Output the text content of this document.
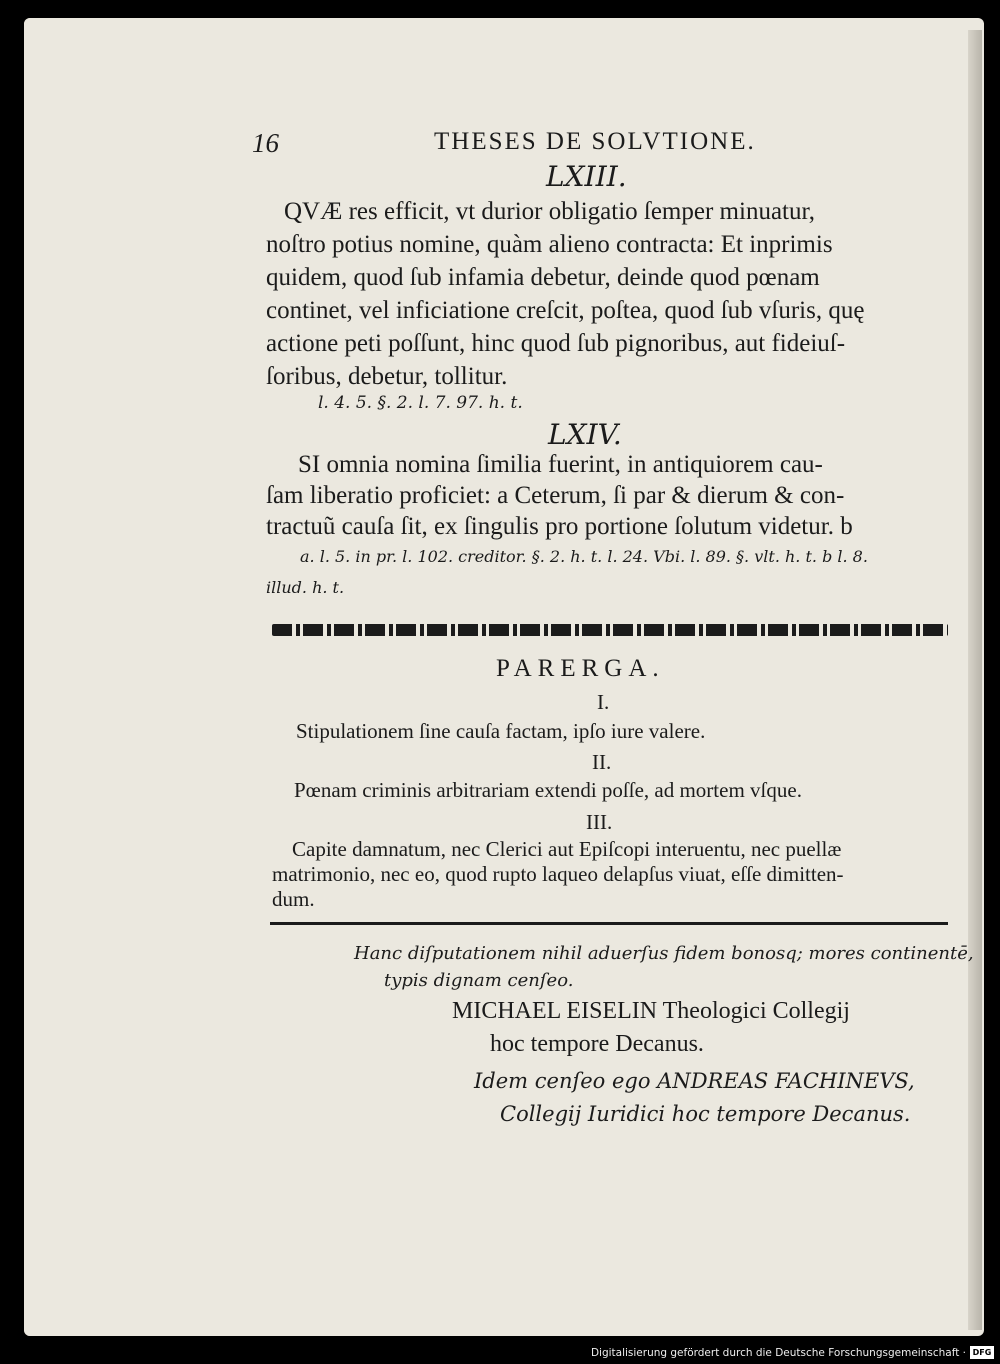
16	THESES DE SOLVTIONE.
LXIII.
QVÆ res efficit, vt durior obligatio ſemper minuatur,
noſtro potius nomine, quàm alieno contracta: Et inprimis
quidem, quod ſub infamia debetur, deinde quod pœnam
continet, vel inficiatione creſcit, poſtea, quod ſub vſuris, quę
actione peti poſſunt, hinc quod ſub pignoribus, aut fideiuſ-
ſoribus, debetur, tollitur.
l. 4. 5. §. 2. l. 7. 97. h. t.
LXIV.
SI omnia nomina ſimilia fuerint, in antiquiorem cau-
ſam liberatio proficiet: a Ceterum, ſi par & dierum & con-
tractuũ cauſa ſit, ex ſingulis pro portione ſolutum videtur. b
a. l. 5. in pr. l. 102. creditor. §. 2. h. t. l. 24. Vbi. l. 89. §. vlt. h. t. b l. 8.
illud. h. t.
PARERGA.
I.
Stipulationem ſine cauſa factam, ipſo iure valere.
II.
Pœnam criminis arbitrariam extendi poſſe, ad mortem vſque.
III.
Capite damnatum, nec Clerici aut Epiſcopi interuentu, nec puellæ
matrimonio, nec eo, quod rupto laqueo delapſus viuat, eſſe dimitten-
dum.
Hanc diſputationem nihil aduerſus fidem bonosq; mores continentē,
typis dignam cenſeo.
MICHAEL EISELIN Theologici Collegij
hoc tempore Decanus.
Idem cenſeo ego ANDREAS FACHINEVS,
Collegij Iuridici hoc tempore Decanus.
Digitalisierung gefördert durch die Deutsche Forschungsgemeinschaft · DFG
